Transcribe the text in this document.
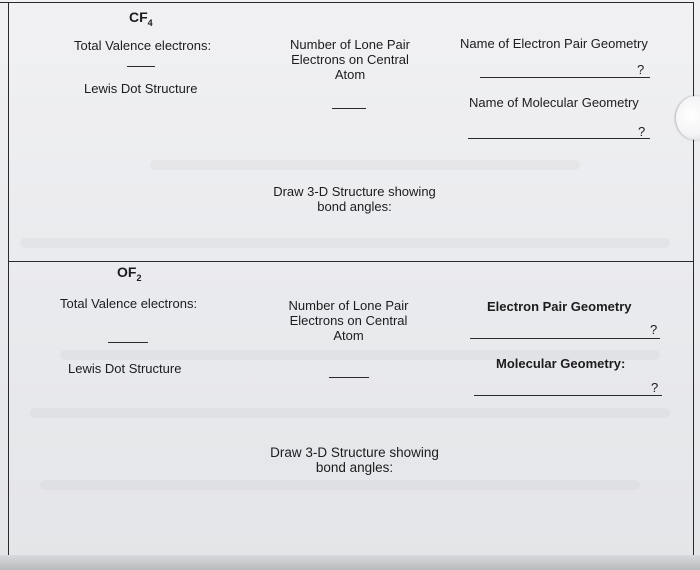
$CF_4$
Total Valence electrons:	Number of Lone Pair Electrons on Central Atom
Name of Electron Pair Geometry
?
Lewis Dot Structure
Name of Molecular Geometry
?
Draw 3-D Structure showing bond angles:
$OF_2$
Total Valence electrons:	Number of Lone Pair Electrons on Central Atom
Electron Pair Geometry
?
Lewis Dot Structure	Molecular Geometry:
?
Draw 3-D Structure showing bond angles:
